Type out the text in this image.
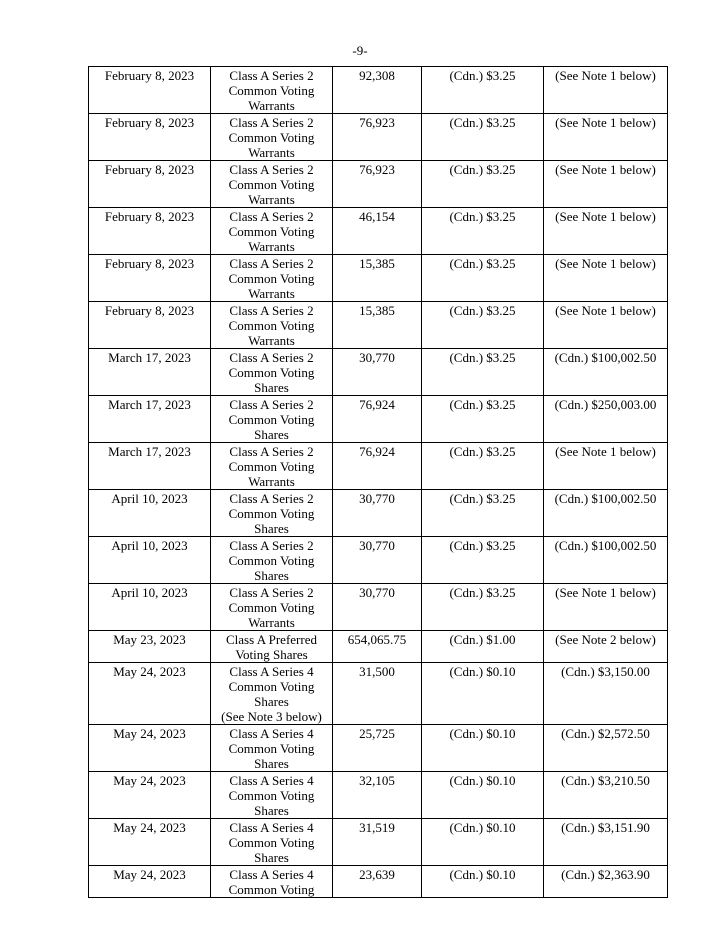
-9-
February 8, 2023	Class A Series 2
Common Voting
Warrants	92,308	(Cdn.) $3.25	(See Note 1 below)
February 8, 2023	Class A Series 2
Common Voting
Warrants	76,923	(Cdn.) $3.25	(See Note 1 below)
February 8, 2023	Class A Series 2
Common Voting
Warrants	76,923	(Cdn.) $3.25	(See Note 1 below)
February 8, 2023	Class A Series 2
Common Voting
Warrants	46,154	(Cdn.) $3.25	(See Note 1 below)
February 8, 2023	Class A Series 2
Common Voting
Warrants	15,385	(Cdn.) $3.25	(See Note 1 below)
February 8, 2023	Class A Series 2
Common Voting
Warrants	15,385	(Cdn.) $3.25	(See Note 1 below)
March 17, 2023	Class A Series 2
Common Voting
Shares	30,770	(Cdn.) $3.25	(Cdn.) $100,002.50
March 17, 2023	Class A Series 2
Common Voting
Shares	76,924	(Cdn.) $3.25	(Cdn.) $250,003.00
March 17, 2023	Class A Series 2
Common Voting
Warrants	76,924	(Cdn.) $3.25	(See Note 1 below)
April 10, 2023	Class A Series 2
Common Voting
Shares	30,770	(Cdn.) $3.25	(Cdn.) $100,002.50
April 10, 2023	Class A Series 2
Common Voting
Shares	30,770	(Cdn.) $3.25	(Cdn.) $100,002.50
April 10, 2023	Class A Series 2
Common Voting
Warrants	30,770	(Cdn.) $3.25	(See Note 1 below)
May 23, 2023	Class A Preferred
Voting Shares	654,065.75	(Cdn.) $1.00	(See Note 2 below)
May 24, 2023	Class A Series 4
Common Voting
Shares
(See Note 3 below)	31,500	(Cdn.) $0.10	(Cdn.) $3,150.00
May 24, 2023	Class A Series 4
Common Voting
Shares	25,725	(Cdn.) $0.10	(Cdn.) $2,572.50
May 24, 2023	Class A Series 4
Common Voting
Shares	32,105	(Cdn.) $0.10	(Cdn.) $3,210.50
May 24, 2023	Class A Series 4
Common Voting
Shares	31,519	(Cdn.) $0.10	(Cdn.) $3,151.90
May 24, 2023	Class A Series 4
Common Voting	23,639	(Cdn.) $0.10	(Cdn.) $2,363.90
